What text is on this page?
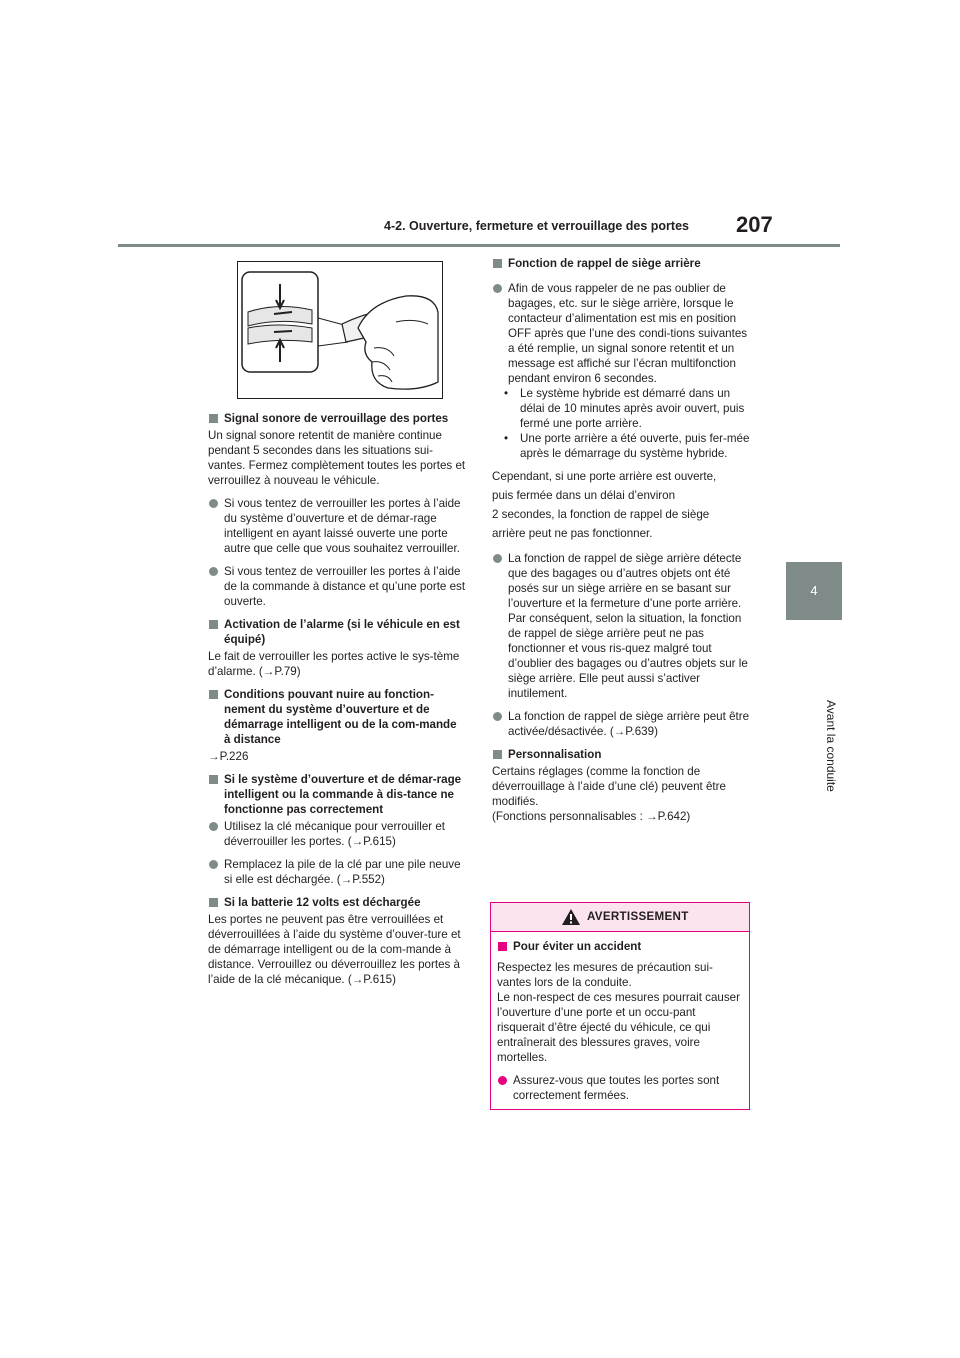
4-2. Ouverture, fermeture et verrouillage des portes 207
4
Avant la conduite
Signal sonore de verrouillage des portes

Un signal sonore retentit de manière continue pendant 5 secondes dans les situations sui-vantes. Fermez complètement toutes les portes et verrouillez à nouveau le véhicule.

Si vous tentez de verrouiller les portes à l’aide du système d’ouverture et de démar-rage intelligent en ayant laissé ouverte une porte autre que celle que vous souhaitez verrouiller.
Si vous tentez de verrouiller les portes à l’aide de la commande à distance et qu’une porte est ouverte.
Activation de l’alarme (si le véhicule en est équipé)

Le fait de verrouiller les portes active le sys-tème d’alarme. (→P.79)

Conditions pouvant nuire au fonction-nement du système d’ouverture et de démarrage intelligent ou de la com-mande à distance

→P.226

Si le système d’ouverture et de démar-rage intelligent ou la commande à dis-tance ne fonctionne pas correctement
Utilisez la clé mécanique pour verrouiller et déverrouiller les portes. (→P.615)
Remplacez la pile de la clé par une pile neuve si elle est déchargée. (→P.552)
Si la batterie 12 volts est déchargée

Les portes ne peuvent pas être verrouillées et déverrouillées à l’aide du système d’ouver-ture et de démarrage intelligent ou de la com-mande à distance. Verrouillez ou déverrouillez les portes à l’aide de la clé mécanique. (→P.615)

Fonction de rappel de siège arrière
Afin de vous rappeler de ne pas oublier de bagages, etc. sur le siège arrière, lorsque le contacteur d’alimentation est mis en position OFF après que l’une des condi-tions suivantes a été remplie, un signal sonore retentit et un message est affiché sur l’écran multifonction pendant environ 6 secondes.
• Le système hybride est démarré dans un délai de 10 minutes après avoir ouvert, puis fermé une porte arrière.
• Une porte arrière a été ouverte, puis fer-mée après le démarrage du système hybride.

Cependant, si une porte arrière est ouverte,

puis fermée dans un délai d’environ

2 secondes, la fonction de rappel de siège

arrière peut ne pas fonctionner.

La fonction de rappel de siège arrière détecte que des bagages ou d’autres objets ont été posés sur un siège arrière en se basant sur l’ouverture et la fermeture d’une porte arrière. Par conséquent, selon la situation, la fonction de rappel de siège arrière peut ne pas fonctionner et vous ris-quez malgré tout d’oublier des bagages ou d’autres objets sur le siège arrière. Elle peut aussi s’activer inutilement.
La fonction de rappel de siège arrière peut être activée/désactivée. (→P.639)
Personnalisation

Certains réglages (comme la fonction de déverrouillage à l’aide d’une clé) peuvent être modifiés.

(Fonctions personnalisables : →P.642)

AVERTISSEMENT
Pour éviter un accident

Respectez les mesures de précaution sui-vantes lors de la conduite.

Le non-respect de ces mesures pourrait causer l’ouverture d’une porte et un occu-pant risquerait d’être éjecté du véhicule, ce qui entraînerait des blessures graves, voire mortelles.

Assurez-vous que toutes les portes sont correctement fermées.
